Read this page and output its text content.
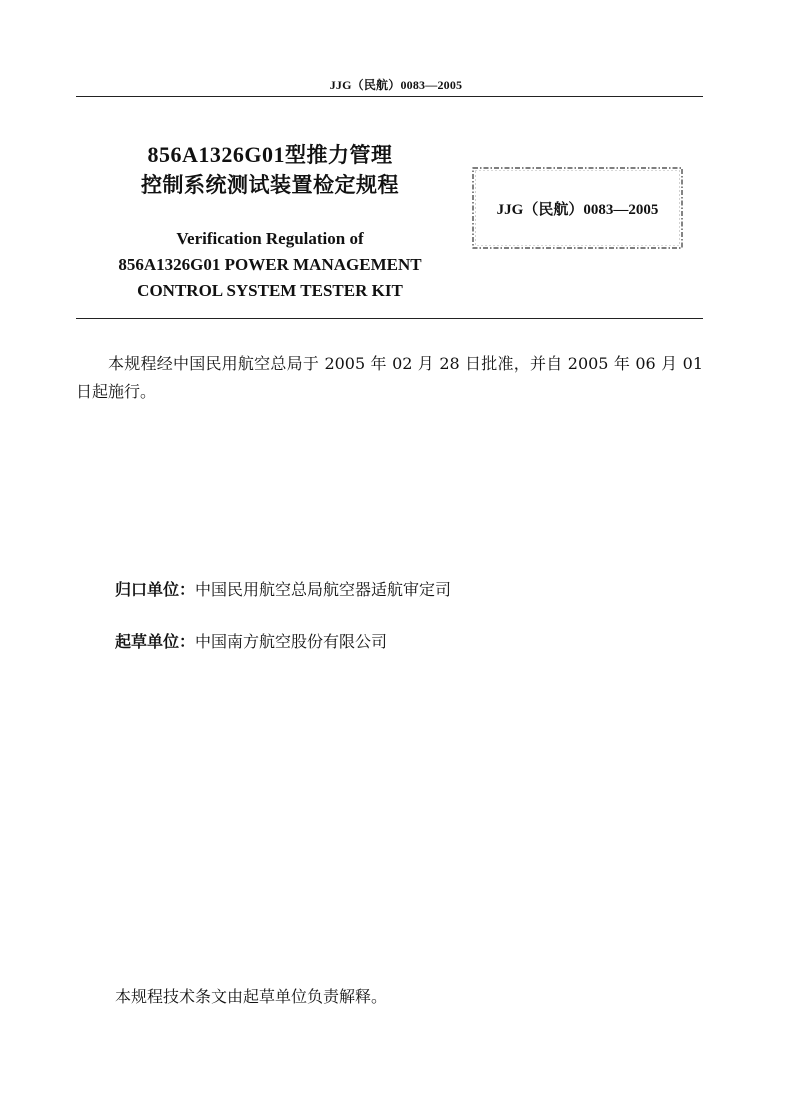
JJG（民航）0083—2005
856A1326G01型推力管理
控制系统测试装置检定规程
Verification Regulation of
856A1326G01 POWER MANAGEMENT
CONTROL SYSTEM TESTER KIT
JJG（民航）0083—2005
本规程经中国民用航空总局于 2005 年 02 月 28 日批准，并自 2005 年 06 月 01 日起施行。
归口单位：中国民用航空总局航空器适航审定司
起草单位：中国南方航空股份有限公司
本规程技术条文由起草单位负责解释。
